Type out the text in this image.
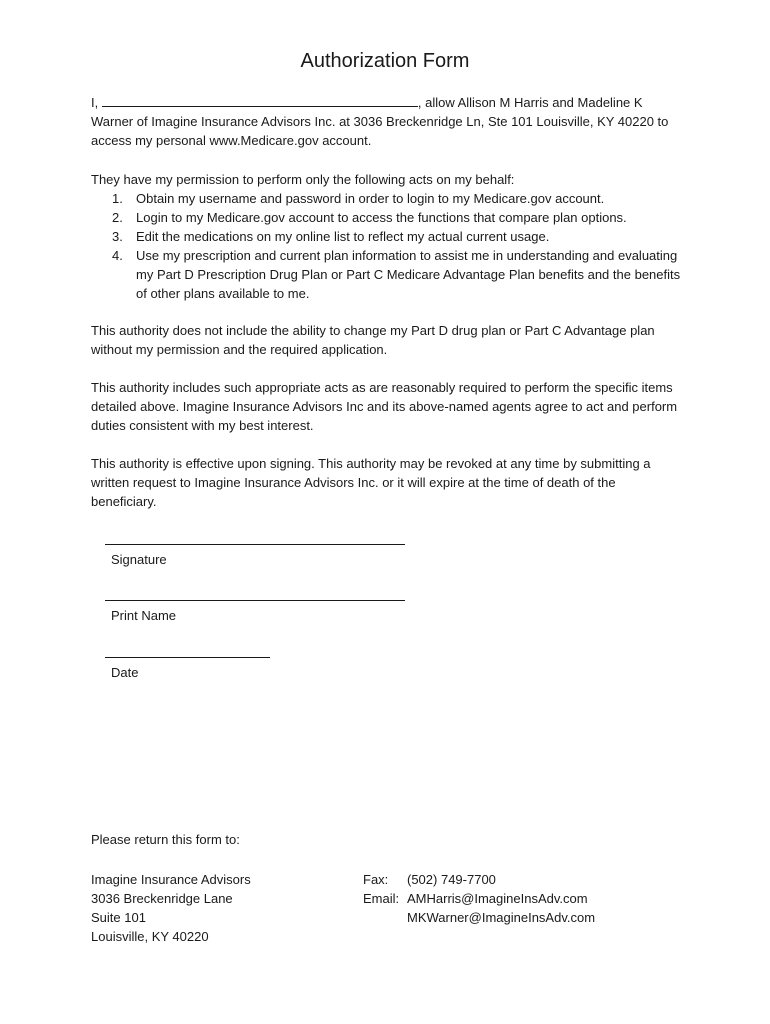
Authorization Form
I,	, allow Allison M Harris and Madeline K Warner of Imagine Insurance Advisors Inc. at 3036 Breckenridge Ln, Ste 101 Louisville, KY 40220 to access my personal www.Medicare.gov account.
They have my permission to perform only the following acts on my behalf:
1. Obtain my username and password in order to login to my Medicare.gov account.
2. Login to my Medicare.gov account to access the functions that compare plan options.
3. Edit the medications on my online list to reflect my actual current usage.
4. Use my prescription and current plan information to assist me in understanding and evaluating my Part D Prescription Drug Plan or Part C Medicare Advantage Plan benefits and the benefits of other plans available to me.
This authority does not include the ability to change my Part D drug plan or Part C Advantage plan without my permission and the required application.
This authority includes such appropriate acts as are reasonably required to perform the specific items detailed above. Imagine Insurance Advisors Inc and its above-named agents agree to act and perform duties consistent with my best interest.
This authority is effective upon signing. This authority may be revoked at any time by submitting a written request to Imagine Insurance Advisors Inc. or it will expire at the time of death of the beneficiary.
Signature
Print Name
Date
Please return this form to:
Imagine Insurance Advisors
3036 Breckenridge Lane
Suite 101
Louisville, KY 40220
Fax:	(502) 749-7700
Email: AMHarris@ImagineInsAdv.com
MKWarner@ImagineInsAdv.com
